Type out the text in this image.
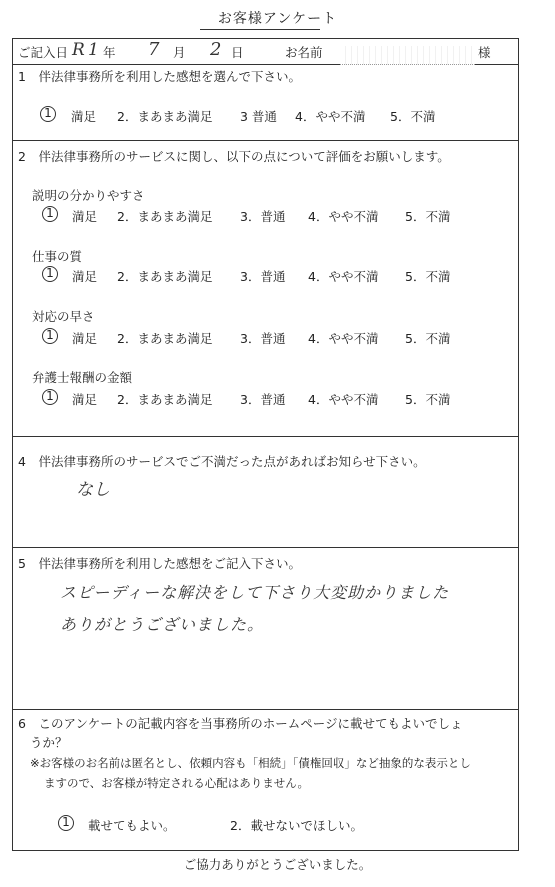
お客様アンケート
ご記入日 R 1 年 7 月 2 日	お名前	様
1　伴法律事務所を利用した感想を選んで下さい。
1	満足 2．まあまあ満足 3 普通 4．やや不満 5．不満
2　伴法律事務所のサービスに関し、以下の点について評価をお願いします。
説明の分かりやすさ
1	満足 2．まあまあ満足 3．普通 4．やや不満 5．不満
仕事の質
1	満足 2．まあまあ満足 3．普通 4．やや不満 5．不満
対応の早さ
1	満足 2．まあまあ満足 3．普通 4．やや不満 5．不満
弁護士報酬の金額
1	満足 2．まあまあ満足 3．普通 4．やや不満 5．不満
4　伴法律事務所のサービスでご不満だった点があればお知らせ下さい。
なし
5　伴法律事務所を利用した感想をご記入下さい。
スピーディーな解決をして下さり大変助かりました
ありがとうございました。
6　このアンケートの記載内容を当事務所のホームページに載せてもよいでしょ
うか？
※お客様のお名前は匿名とし、依頼内容も「相続」「債権回収」など抽象的な表示とし
ますので、お客様が特定される心配はありません。
1	載せてもよい。	2．載せないでほしい。
ご協力ありがとうございました。
